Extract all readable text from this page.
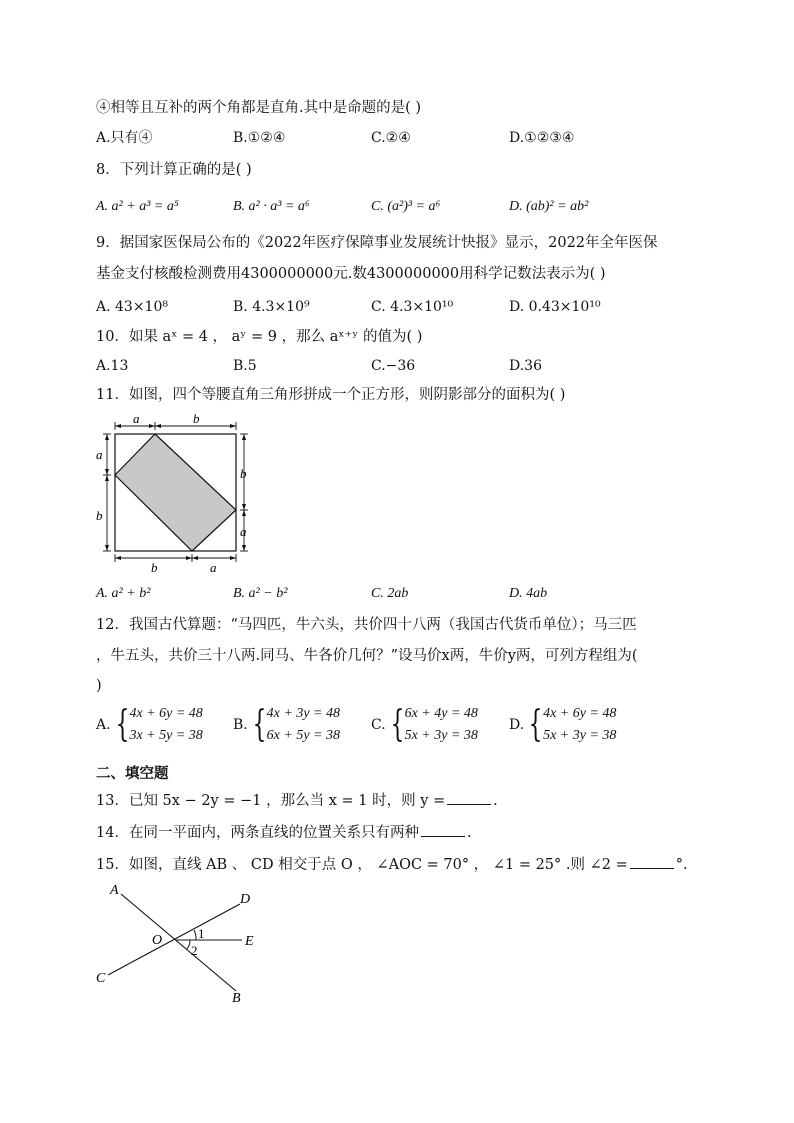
④相等且互补的两个角都是直角.其中是命题的是( )
A.只有④	B.①②④	C.②④	D.①②③④
8．下列计算正确的是( )
A. a² + a³ = a⁵	B. a² · a³ = a⁶	C. (a²)³ = a⁶	D. (ab)² = ab²
9．据国家医保局公布的《2022年医疗保障事业发展统计快报》显示，2022年全年医保
基金支付核酸检测费用4300000000元.数4300000000用科学记数法表示为( )
A. 43×10⁸	B. 4.3×10⁹	C. 4.3×10¹⁰	D. 0.43×10¹⁰
10．如果 aˣ = 4 ， aʸ = 9 ，那么 aˣ⁺ʸ 的值为( )
A.13	B.5	C.−36	D.36
11．如图，四个等腰直角三角形拼成一个正方形，则阴影部分的面积为( )
a	b
a
b
b
a
b	a
A. a² + b²	B. a² − b²	C. 2ab	D. 4ab
12．我国古代算题：“马四匹，牛六头，共价四十八两（我国古代货币单位）；马三匹
，牛五头，共价三十八两.同马、牛各价几何？”设马价x两，牛价y两，可列方程组为(
)
A. {4x + 6y = 48
3x + 5y = 38
B. {4x + 3y = 48
6x + 5y = 38
C. {6x + 4y = 48
5x + 3y = 38
D. {4x + 6y = 48
5x + 3y = 38
二、填空题
13．已知 5x − 2y = −1 ，那么当 x = 1 时，则 y =	.
14．在同一平面内，两条直线的位置关系只有两种	.
15．如图，直线 AB 、 CD 相交于点 O ， ∠AOC = 70° ， ∠1 = 25° .则 ∠2 =	°.
A
B
C
D
E
O	1
2
